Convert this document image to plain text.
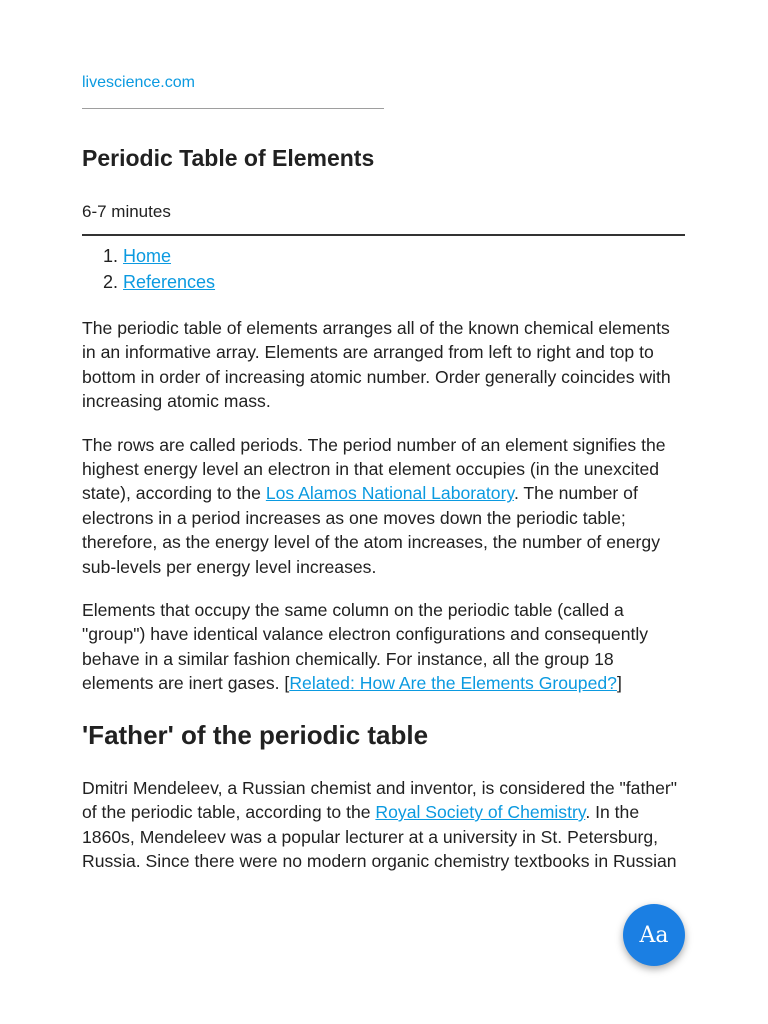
livescience.com
Periodic Table of Elements
6-7 minutes
1. Home
2. References

The periodic table of elements arranges all of the known chemical elements in an informative array. Elements are arranged from left to right and top to bottom in order of increasing atomic number. Order generally coincides with increasing atomic mass.

The rows are called periods. The period number of an element signifies the highest energy level an electron in that element occupies (in the unexcited state), according to the Los Alamos National Laboratory. The number of electrons in a period increases as one moves down the periodic table; therefore, as the energy level of the atom increases, the number of energy sub-levels per energy level increases.

Elements that occupy the same column on the periodic table (called a "group") have identical valance electron configurations and consequently behave in a similar fashion chemically. For instance, all the group 18 elements are inert gases. [Related: How Are the Elements Grouped?]

'Father' of the periodic table

Dmitri Mendeleev, a Russian chemist and inventor, is considered the "father" of the periodic table, according to the Royal Society of Chemistry. In the 1860s, Mendeleev was a popular lecturer at a university in St. Petersburg, Russia. Since there were no modern organic chemistry textbooks in Russian

Aa
